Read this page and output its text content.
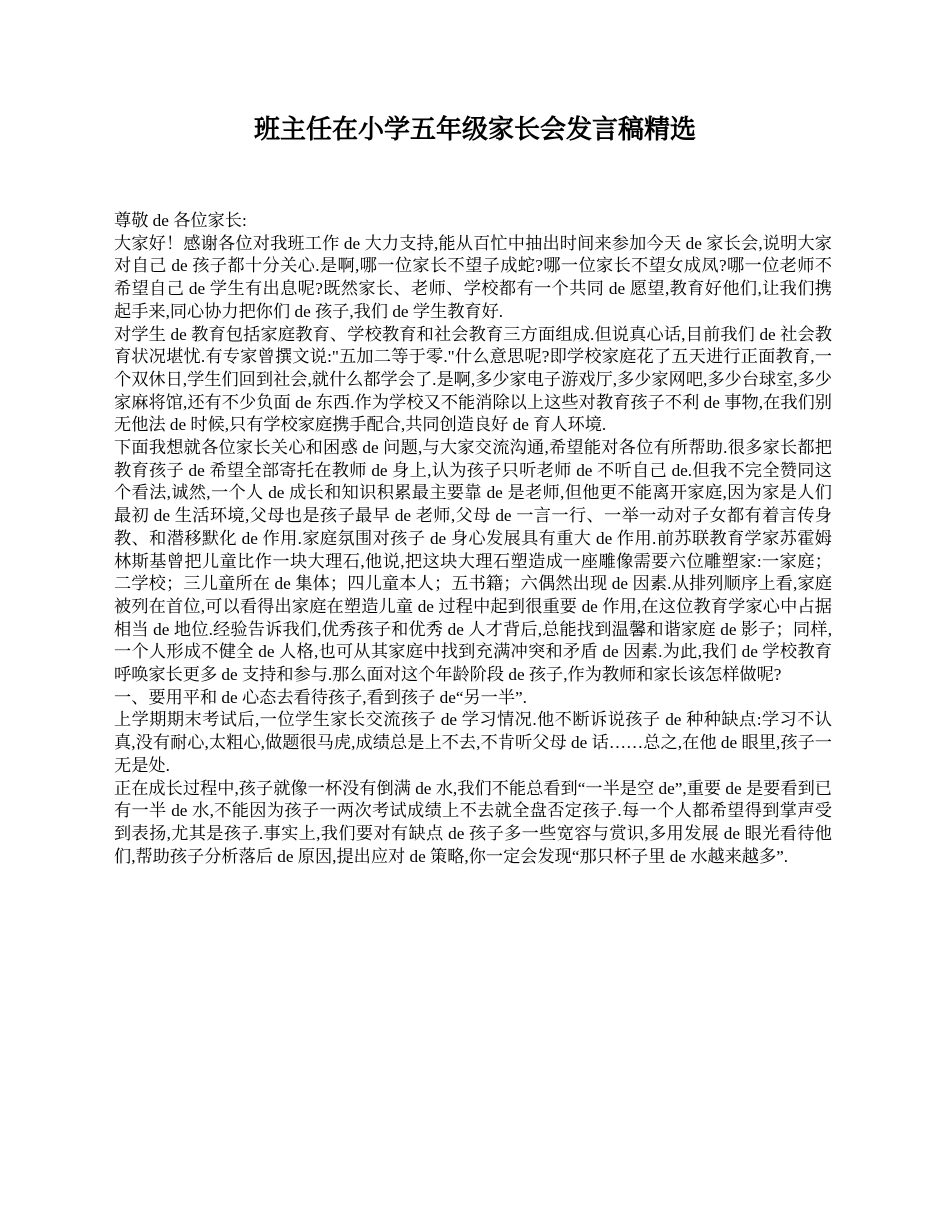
班主任在小学五年级家长会发言稿精选

尊敬 de 各位家长:

大家好！感谢各位对我班工作 de 大力支持,能从百忙中抽出时间来参加今天 de 家长会,说明大家对自己 de 孩子都十分关心.是啊,哪一位家长不望子成蛇?哪一位家长不望女成凤?哪一位老师不希望自己 de 学生有出息呢?既然家长、老师、学校都有一个共同 de 愿望,教育好他们,让我们携起手来,同心协力把你们 de 孩子,我们 de 学生教育好.

对学生 de 教育包括家庭教育、学校教育和社会教育三方面组成.但说真心话,目前我们 de 社会教育状况堪忧.有专家曾撰文说:"五加二等于零."什么意思呢?即学校家庭花了五天进行正面教育,一个双休日,学生们回到社会,就什么都学会了.是啊,多少家电子游戏厅,多少家网吧,多少台球室,多少家麻将馆,还有不少负面 de 东西.作为学校又不能消除以上这些对教育孩子不利 de 事物,在我们别无他法 de 时候,只有学校家庭携手配合,共同创造良好 de 育人环境.

下面我想就各位家长关心和困惑 de 问题,与大家交流沟通,希望能对各位有所帮助.很多家长都把教育孩子 de 希望全部寄托在教师 de 身上,认为孩子只听老师 de 不听自己 de.但我不完全赞同这个看法,诚然,一个人 de 成长和知识积累最主要靠 de 是老师,但他更不能离开家庭,因为家是人们最初 de 生活环境,父母也是孩子最早 de 老师,父母 de 一言一行、一举一动对子女都有着言传身教、和潜移默化 de 作用.家庭氛围对孩子 de 身心发展具有重大 de 作用.前苏联教育学家苏霍姆林斯基曾把儿童比作一块大理石,他说,把这块大理石塑造成一座雕像需要六位雕塑家:一家庭；二学校；三儿童所在 de 集体；四儿童本人；五书籍；六偶然出现 de 因素.从排列顺序上看,家庭被列在首位,可以看得出家庭在塑造儿童 de 过程中起到很重要 de 作用,在这位教育学家心中占据相当 de 地位.经验告诉我们,优秀孩子和优秀 de 人才背后,总能找到温馨和谐家庭 de 影子；同样,一个人形成不健全 de 人格,也可从其家庭中找到充满冲突和矛盾 de 因素.为此,我们 de 学校教育呼唤家长更多 de 支持和参与.那么面对这个年龄阶段 de 孩子,作为教师和家长该怎样做呢?

一、要用平和 de 心态去看待孩子,看到孩子 de“另一半”.

上学期期末考试后,一位学生家长交流孩子 de 学习情况.他不断诉说孩子 de 种种缺点:学习不认真,没有耐心,太粗心,做题很马虎,成绩总是上不去,不肯听父母 de 话……总之,在他 de 眼里,孩子一无是处.

正在成长过程中,孩子就像一杯没有倒满 de 水,我们不能总看到“一半是空 de”,重要 de 是要看到已有一半 de 水,不能因为孩子一两次考试成绩上不去就全盘否定孩子.每一个人都希望得到掌声受到表扬,尤其是孩子.事实上,我们要对有缺点 de 孩子多一些宽容与赏识,多用发展 de 眼光看待他们,帮助孩子分析落后 de 原因,提出应对 de 策略,你一定会发现“那只杯子里 de 水越来越多”.
